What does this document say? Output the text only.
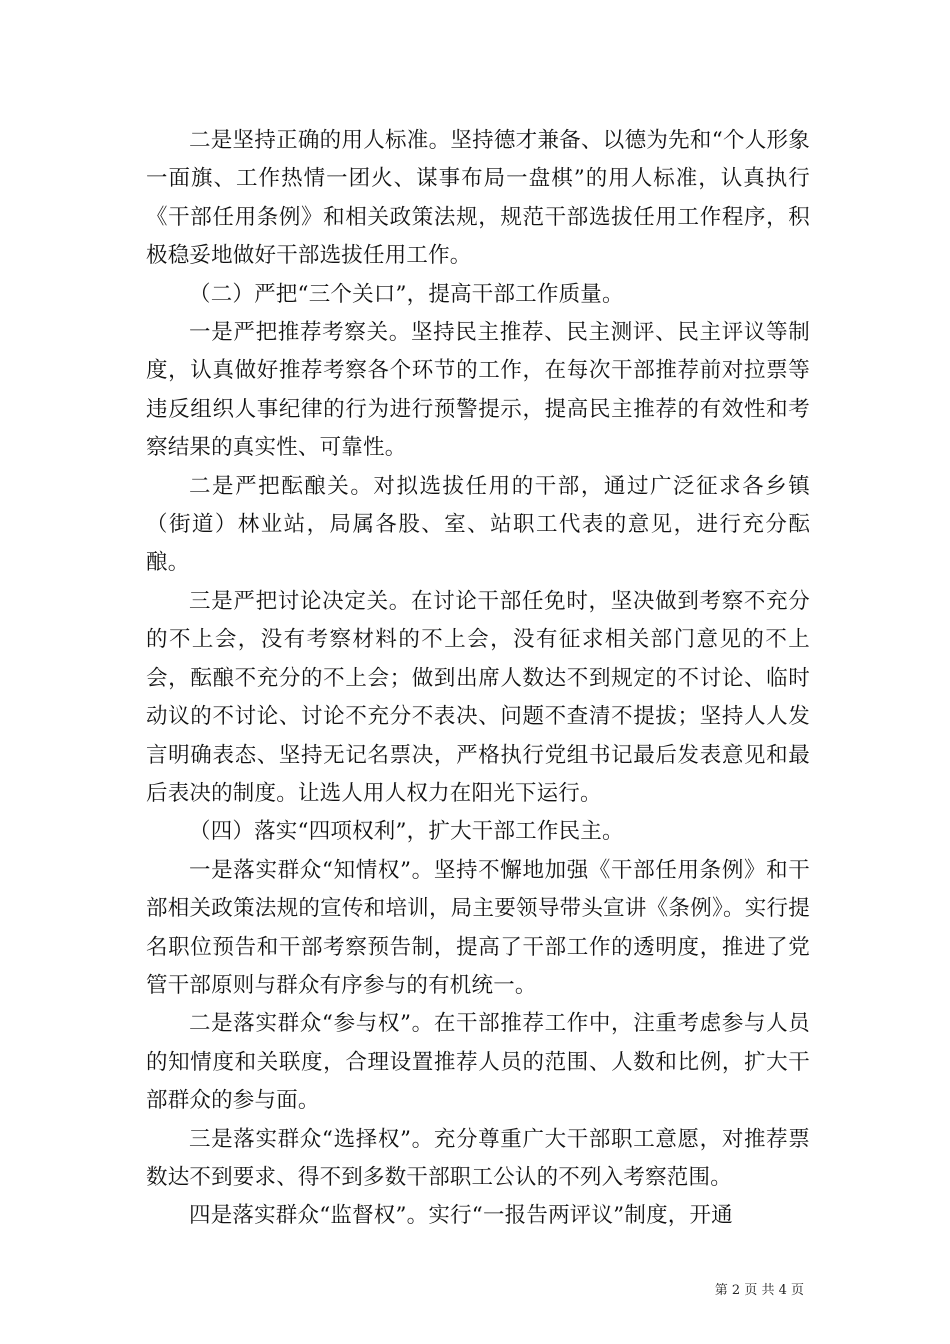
二是坚持正确的用人标准。坚持德才兼备、以德为先和“个人形象一面旗、工作热情一团火、谋事布局一盘棋”的用人标准，认真执行《干部任用条例》和相关政策法规，规范干部选拔任用工作程序，积极稳妥地做好干部选拔任用工作。

（二）严把“三个关口”，提高干部工作质量。

一是严把推荐考察关。坚持民主推荐、民主测评、民主评议等制度，认真做好推荐考察各个环节的工作，在每次干部推荐前对拉票等违反组织人事纪律的行为进行预警提示，提高民主推荐的有效性和考察结果的真实性、可靠性。

二是严把酝酿关。对拟选拔任用的干部，通过广泛征求各乡镇（街道）林业站，局属各股、室、站职工代表的意见，进行充分酝酿。

三是严把讨论决定关。在讨论干部任免时，坚决做到考察不充分的不上会，没有考察材料的不上会，没有征求相关部门意见的不上会，酝酿不充分的不上会；做到出席人数达不到规定的不讨论、临时动议的不讨论、讨论不充分不表决、问题不查清不提拔；坚持人人发言明确表态、坚持无记名票决，严格执行党组书记最后发表意见和最后表决的制度。让选人用人权力在阳光下运行。

（四）落实“四项权利”，扩大干部工作民主。

一是落实群众“知情权”。坚持不懈地加强《干部任用条例》和干部相关政策法规的宣传和培训，局主要领导带头宣讲《条例》。实行提名职位预告和干部考察预告制，提高了干部工作的透明度，推进了党管干部原则与群众有序参与的有机统一。

二是落实群众“参与权”。在干部推荐工作中，注重考虑参与人员的知情度和关联度，合理设置推荐人员的范围、人数和比例，扩大干部群众的参与面。

三是落实群众“选择权”。充分尊重广大干部职工意愿，对推荐票数达不到要求、得不到多数干部职工公认的不列入考察范围。

四是落实群众“监督权”。实行“一报告两评议”制度，开通

第 2 页 共 4 页
